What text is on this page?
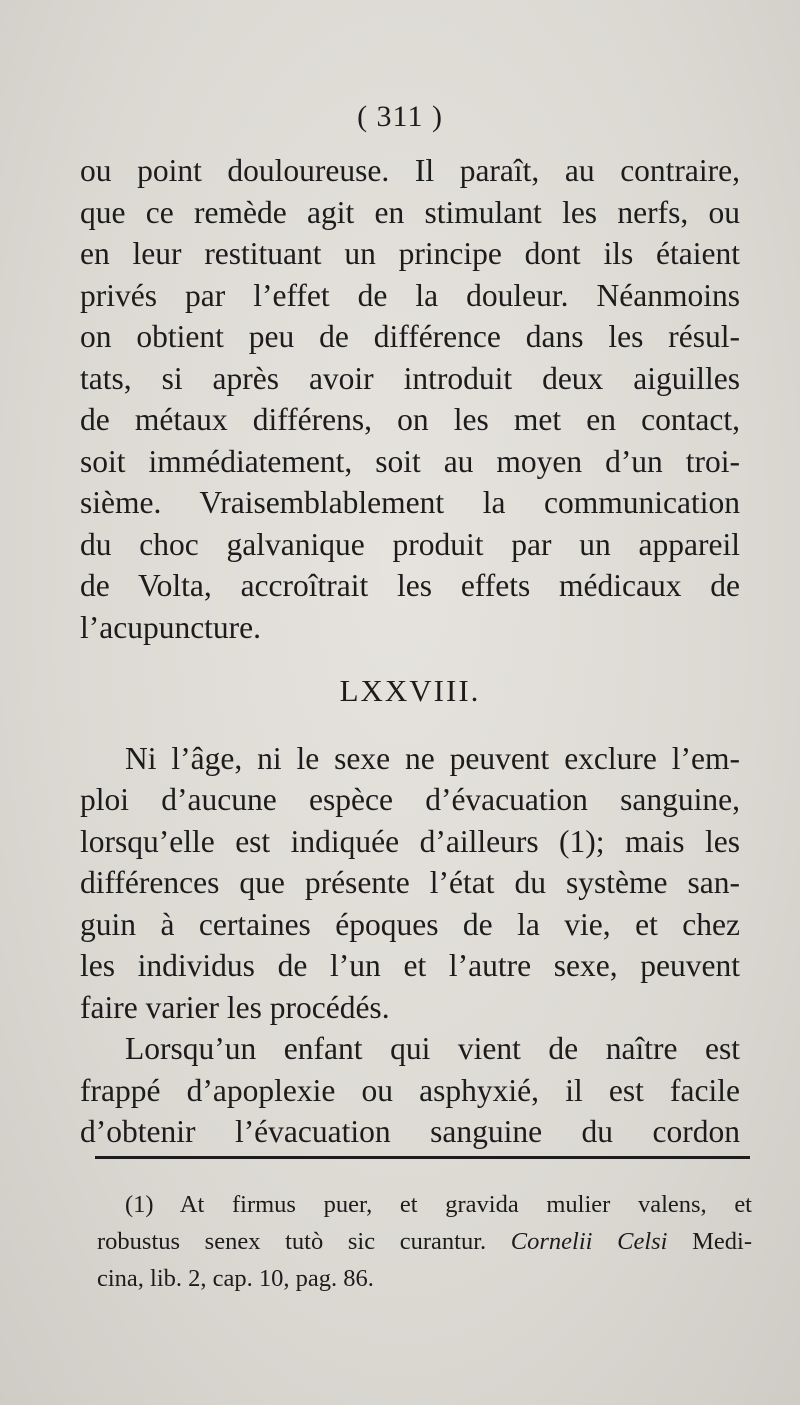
( 311 )
ou point douloureuse. Il paraît, au contraire,
que ce remède agit en stimulant les nerfs, ou
en leur restituant un principe dont ils étaient
privés par l’effet de la douleur. Néanmoins
on obtient peu de différence dans les résul-
tats, si après avoir introduit deux aiguilles
de métaux différens, on les met en contact,
soit immédiatement, soit au moyen d’un troi-
sième. Vraisemblablement la communication
du choc galvanique produit par un appareil
de Volta, accroîtrait les effets médicaux de
l’acupuncture.
LXXVIII.
Ni l’âge, ni le sexe ne peuvent exclure l’em-
ploi d’aucune espèce d’évacuation sanguine,
lorsqu’elle est indiquée d’ailleurs (1); mais les
différences que présente l’état du système san-
guin à certaines époques de la vie, et chez
les individus de l’un et l’autre sexe, peuvent
faire varier les procédés.
Lorsqu’un enfant qui vient de naître est
frappé d’apoplexie ou asphyxié, il est facile
d’obtenir l’évacuation sanguine du cordon
(1) At firmus puer, et gravida mulier valens, et
robustus senex tutò sic curantur. Cornelii Celsi Medi-
cina, lib. 2, cap. 10, pag. 86.
